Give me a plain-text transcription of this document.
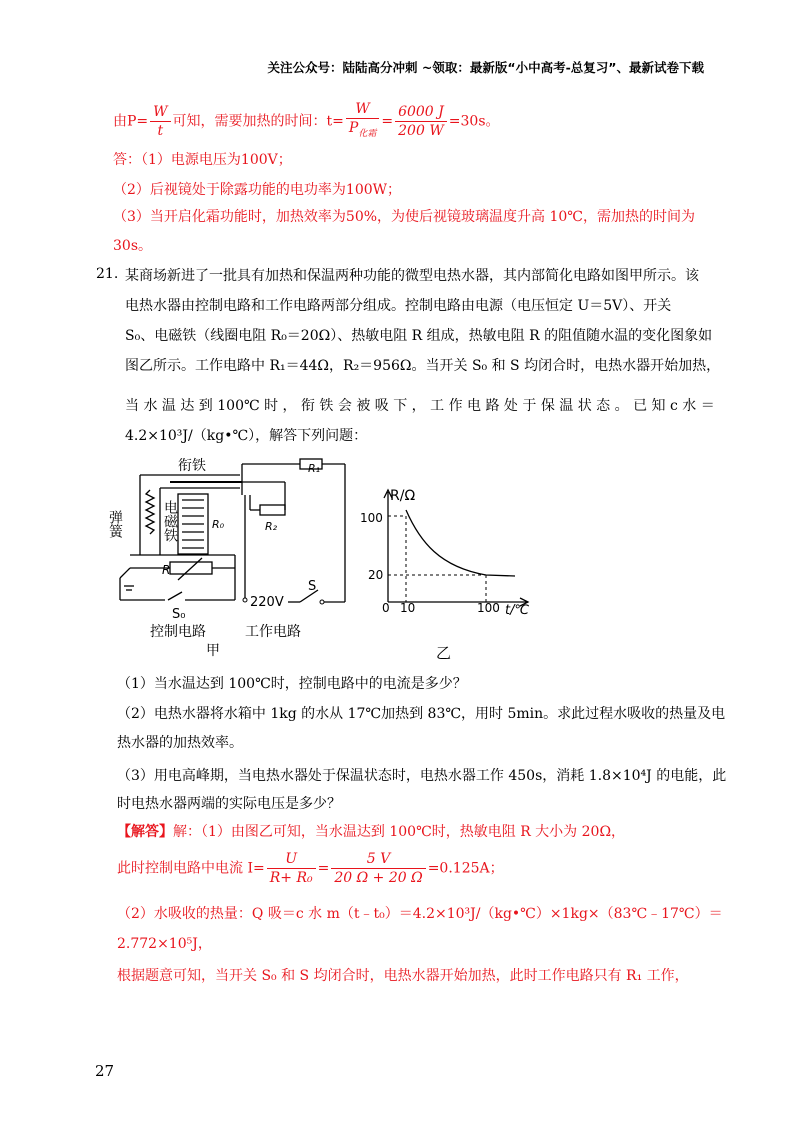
关注公众号：陆陆高分冲刺 ~领取：最新版“小中高考-总复习”、最新试卷下载
由$P= \frac{W}{t}$ 可知，需要加热的时间：$t= \frac{W}{P_{化霜}} = \frac{6000 J}{200 W} =30s$。
答：（1）电源电压为100V；
（2）后视镜处于除露功能的电功率为100W；
（3）当开启化霜功能时，加热效率为50%，为使后视镜玻璃温度升高 10℃，需加热的时间为
30s。
21. 某商场新进了一批具有加热和保温两种功能的微型电热水器，其内部简化电路如图甲所示。该
电热水器由控制电路和工作电路两部分组成。控制电路由电源（电压恒定 U＝5V）、开关
S₀、电磁铁（线圈电阻 R₀＝20Ω）、热敏电阻 R 组成，热敏电阻 R 的阻值随水温的变化图象如
图乙所示。工作电路中 R₁＝44Ω，R₂＝956Ω。当开关 S₀ 和 S 均闭合时，电热水器开始加热，
当 水 温 达 到 100℃ 时 ， 衔 铁 会 被 吸 下 ， 工 作 电 路 处 于 保 温 状 态 。 已 知 c 水 ＝
4.2×10³J/（kg•℃），解答下列问题：
衔铁	R₁
R₂
弹簧	电磁铁	R₀
R
220V
S
S₀
控制电路	工作电路
甲
R/Ω
100
20
0 10	100 t/℃
乙
（1）当水温达到 100℃时，控制电路中的电流是多少？
（2）电热水器将水箱中 1kg 的水从 17℃加热到 83℃，用时 5min。求此过程水吸收的热量及电
热水器的加热效率。
（3）用电高峰期，当电热水器处于保温状态时，电热水器工作 450s，消耗 1.8×10⁴J 的电能，此
时电热水器两端的实际电压是多少？
【解答】解：（1）由图乙可知，当水温达到 100℃时，热敏电阻 R 大小为 20Ω，
此时控制电路中电流 $I= \frac{U}{\text{R+ R₀}} = \frac{5 V}{20 \Omega + 20 \Omega} =0.125A$；
（2）水吸收的热量：Q 吸＝c 水 m（t﹣t₀）＝4.2×10³J/（kg•℃）×1kg×（83℃﹣17℃）＝
2.772×10⁵J，
根据题意可知，当开关 S₀ 和 S 均闭合时，电热水器开始加热，此时工作电路只有 R₁ 工作，
27
